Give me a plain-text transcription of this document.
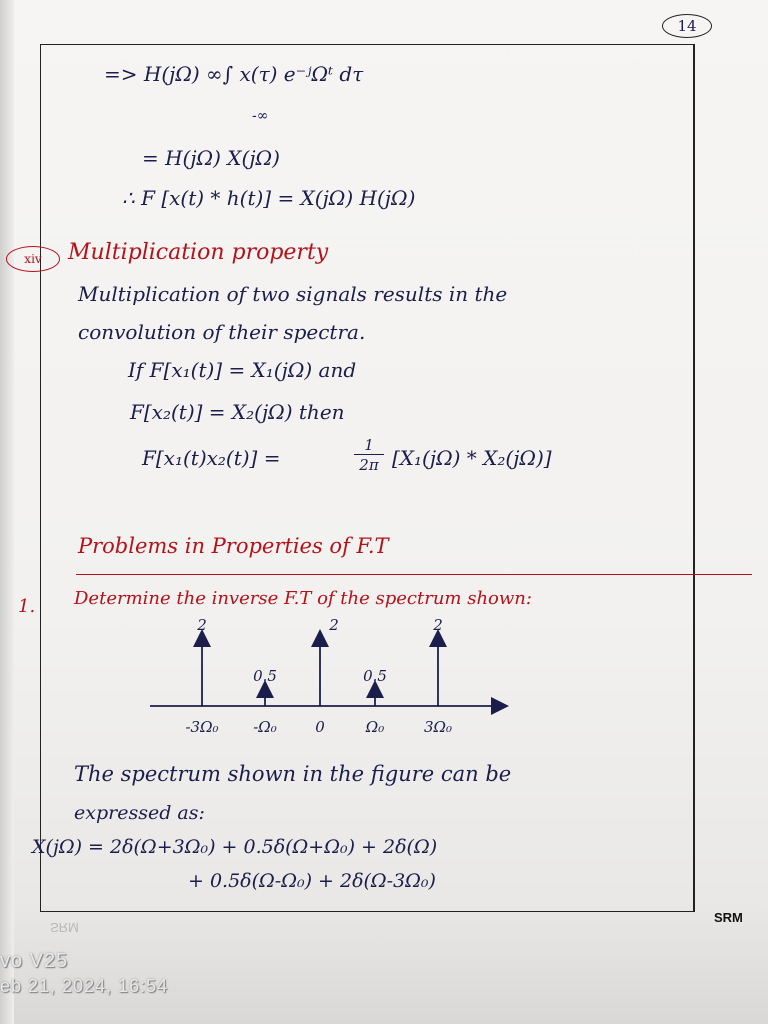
14
=> H(jΩ) ∞∫ x(τ) e⁻ʲΩᵗ dτ
-∞
= H(jΩ) X(jΩ)
∴ F [x(t) * h(t)] = X(jΩ) H(jΩ)
xiv	Multiplication property
Multiplication of two signals results in the
convolution of their spectra.
If F[x₁(t)] = X₁(jΩ) and
F[x₂(t)] = X₂(jΩ) then
F[x₁(t)x₂(t)] =
1
2π [X₁(jΩ) * X₂(jΩ)]
Problems in Properties of F.T
1. Determine the inverse F.T of the spectrum shown:
2
-3Ω₀
0.5
-Ω₀
2
0
0.5
Ω₀
2
3Ω₀
The spectrum shown in the figure can be
expressed as:
X(jΩ) = 2δ(Ω+3Ω₀) + 0.5δ(Ω+Ω₀) + 2δ(Ω)
+ 0.5δ(Ω-Ω₀) + 2δ(Ω-3Ω₀)
SRM
SRM
vo V25
eb 21, 2024, 16:54
